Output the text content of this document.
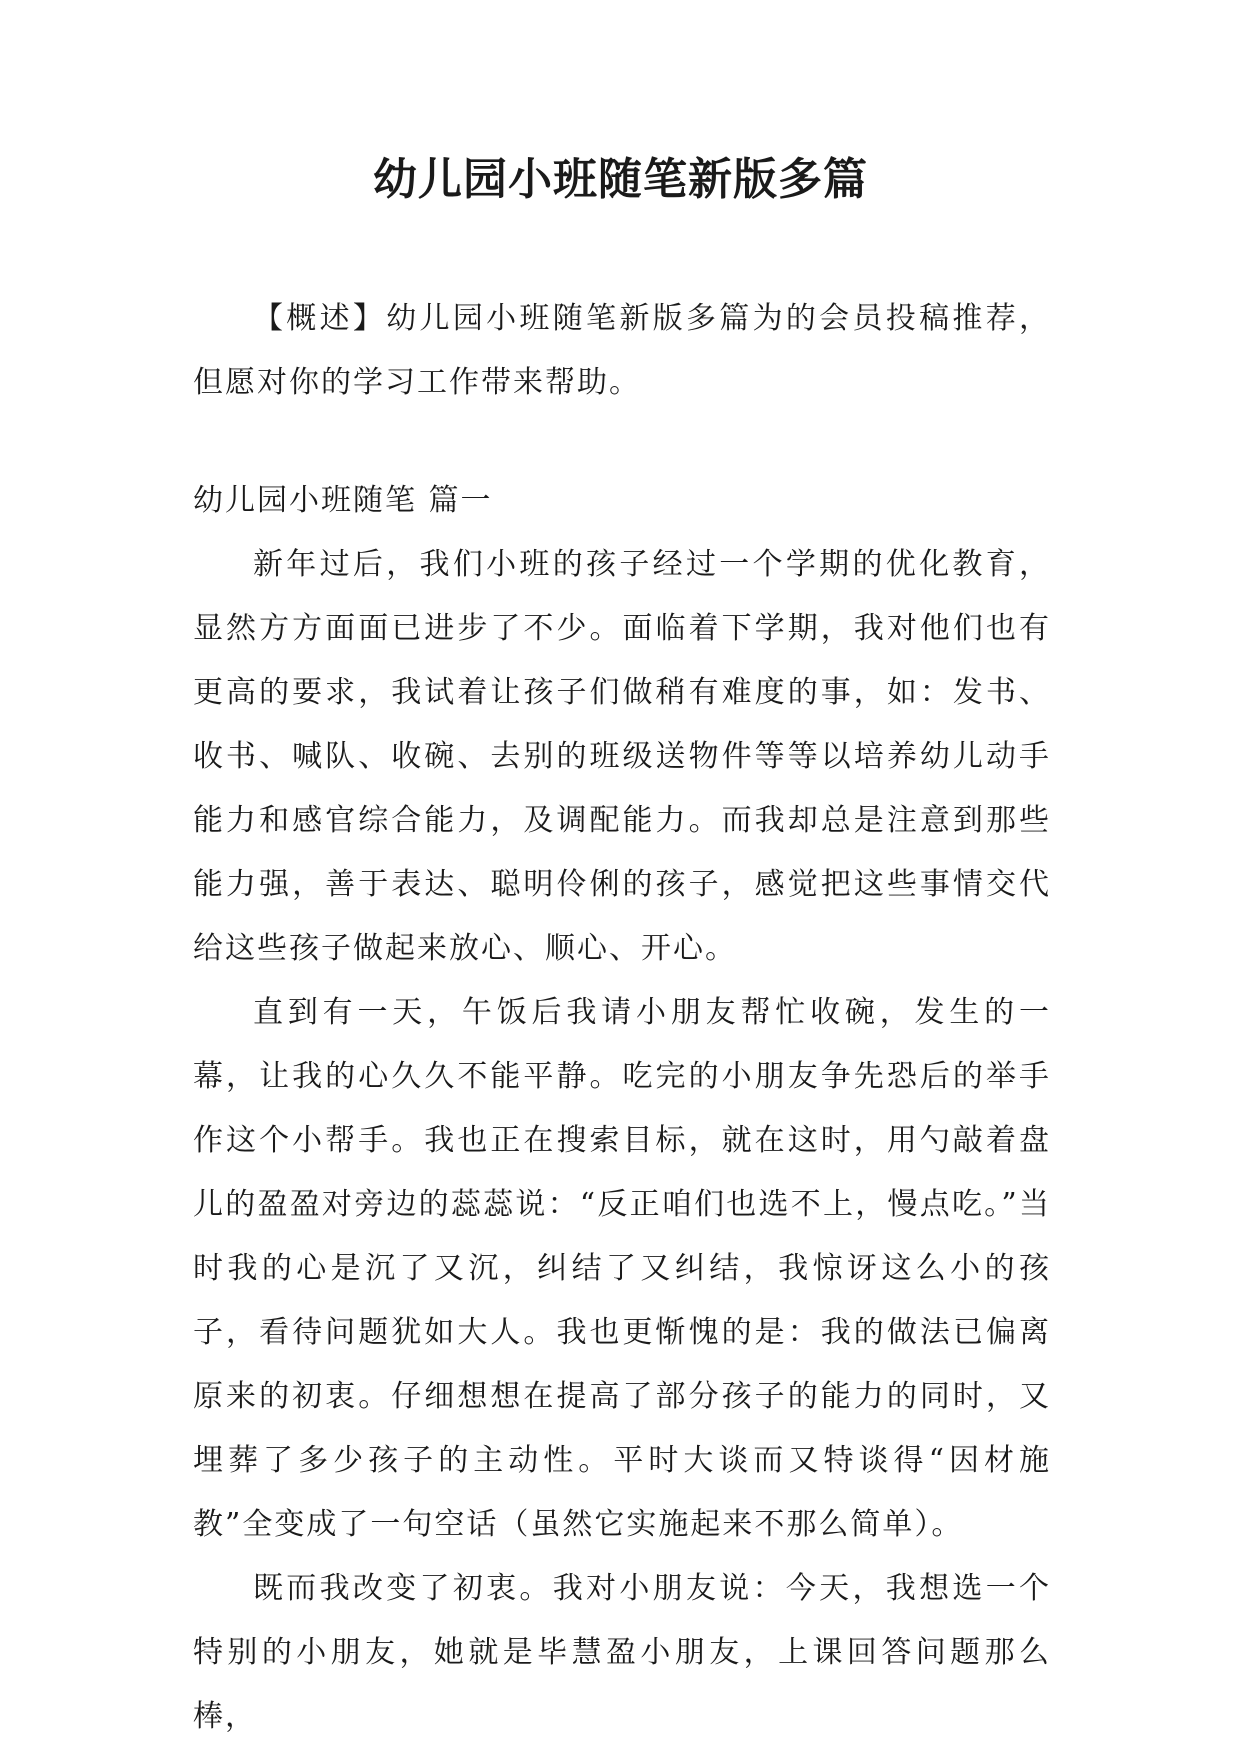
幼儿园小班随笔新版多篇

【概述】幼儿园小班随笔新版多篇为的会员投稿推荐，但愿对你的学习工作带来帮助。

幼儿园小班随笔 篇一

新年过后，我们小班的孩子经过一个学期的优化教育，显然方方面面已进步了不少。面临着下学期，我对他们也有更高的要求，我试着让孩子们做稍有难度的事，如：发书、收书、喊队、收碗、去别的班级送物件等等以培养幼儿动手能力和感官综合能力，及调配能力。而我却总是注意到那些能力强，善于表达、聪明伶俐的孩子，感觉把这些事情交代给这些孩子做起来放心、顺心、开心。

直到有一天，午饭后我请小朋友帮忙收碗，发生的一幕，让我的心久久不能平静。吃完的小朋友争先恐后的举手作这个小帮手。我也正在搜索目标，就在这时，用勺敲着盘儿的盈盈对旁边的蕊蕊说：“反正咱们也选不上，慢点吃。”当时我的心是沉了又沉，纠结了又纠结，我惊讶这么小的孩子，看待问题犹如大人。我也更惭愧的是：我的做法已偏离原来的初衷。仔细想想在提高了部分孩子的能力的同时，又埋葬了多少孩子的主动性。平时大谈而又特谈得“因材施教”全变成了一句空话（虽然它实施起来不那么简单）。

既而我改变了初衷。我对小朋友说：今天，我想选一个特别的小朋友，她就是毕慧盈小朋友，上课回答问题那么棒，
